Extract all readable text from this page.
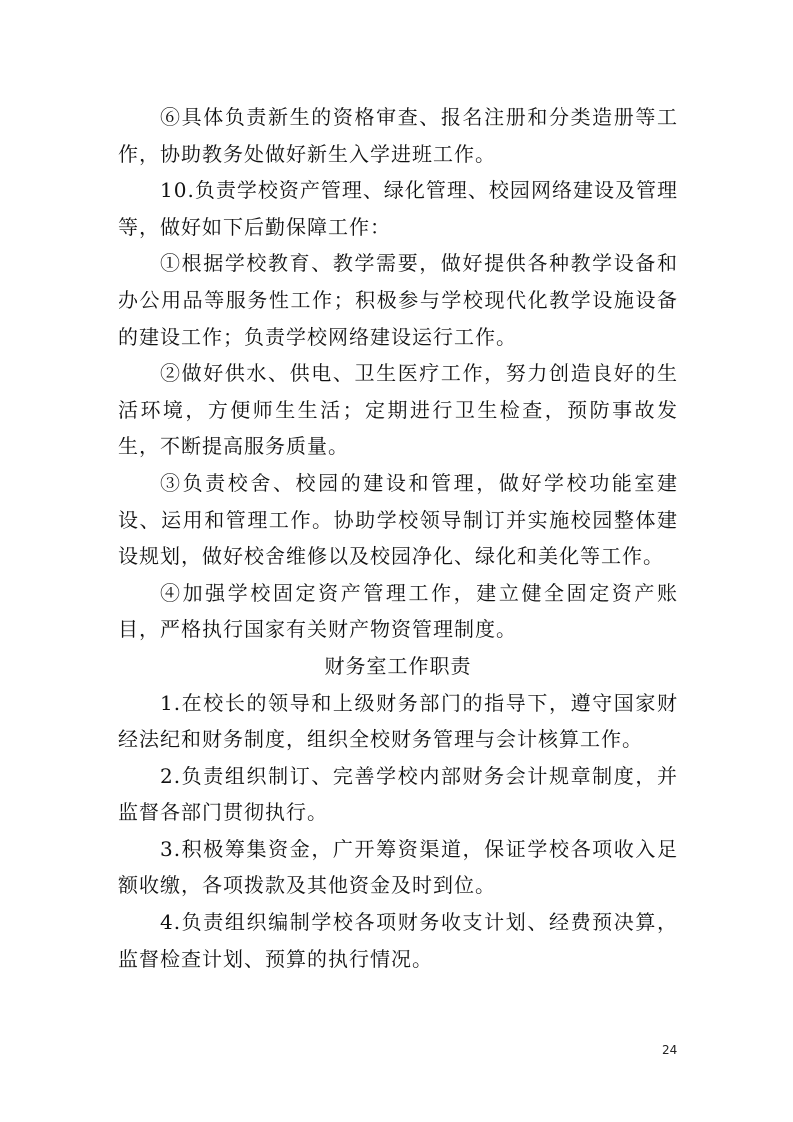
⑥具体负责新生的资格审查、报名注册和分类造册等工作，协助教务处做好新生入学进班工作。

10.负责学校资产管理、绿化管理、校园网络建设及管理等，做好如下后勤保障工作：

①根据学校教育、教学需要，做好提供各种教学设备和办公用品等服务性工作；积极参与学校现代化教学设施设备的建设工作；负责学校网络建设运行工作。

②做好供水、供电、卫生医疗工作，努力创造良好的生活环境，方便师生生活；定期进行卫生检查，预防事故发生，不断提高服务质量。

③负责校舍、校园的建设和管理，做好学校功能室建设、运用和管理工作。协助学校领导制订并实施校园整体建设规划，做好校舍维修以及校园净化、绿化和美化等工作。

④加强学校固定资产管理工作，建立健全固定资产账目，严格执行国家有关财产物资管理制度。

财务室工作职责

1.在校长的领导和上级财务部门的指导下，遵守国家财经法纪和财务制度，组织全校财务管理与会计核算工作。

2.负责组织制订、完善学校内部财务会计规章制度，并监督各部门贯彻执行。

3.积极筹集资金，广开筹资渠道，保证学校各项收入足额收缴，各项拨款及其他资金及时到位。

4.负责组织编制学校各项财务收支计划、经费预决算，监督检查计划、预算的执行情况。

24
